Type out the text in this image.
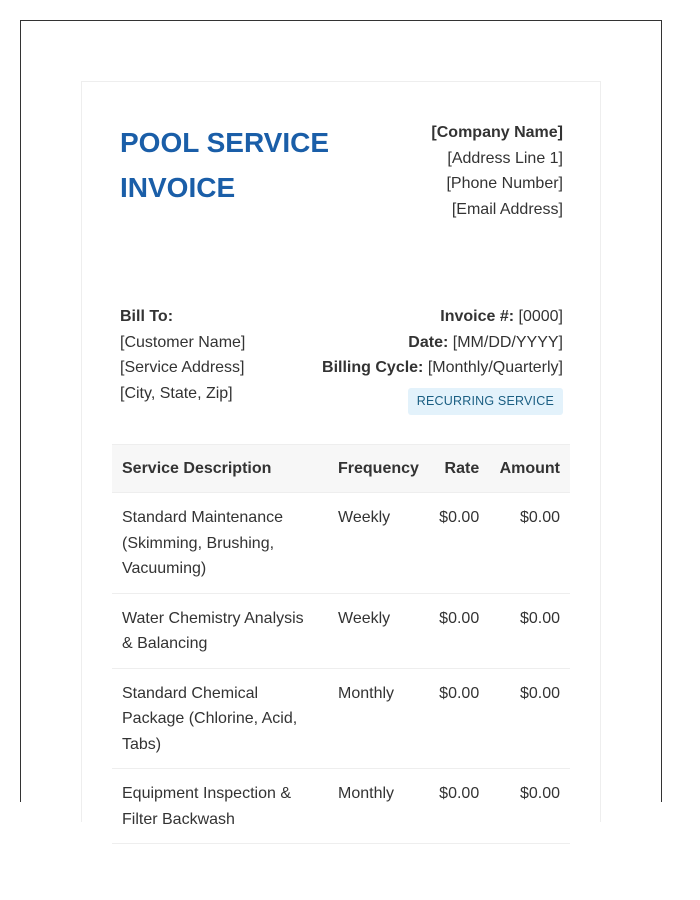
POOL SERVICE INVOICE
[Company Name]
[Address Line 1]
[Phone Number]
[Email Address]
Bill To:
[Customer Name]
[Service Address]
[City, State, Zip]
Invoice #: [0000]
Date: [MM/DD/YYYY]
Billing Cycle: [Monthly/Quarterly]
RECURRING SERVICE
Service Description	Frequency	Rate	Amount
Standard Maintenance (Skimming, Brushing, Vacuuming)	Weekly	$0.00	$0.00
Water Chemistry Analysis & Balancing	Weekly	$0.00	$0.00
Standard Chemical Package (Chlorine, Acid, Tabs)	Monthly	$0.00	$0.00
Equipment Inspection & Filter Backwash	Monthly	$0.00	$0.00
